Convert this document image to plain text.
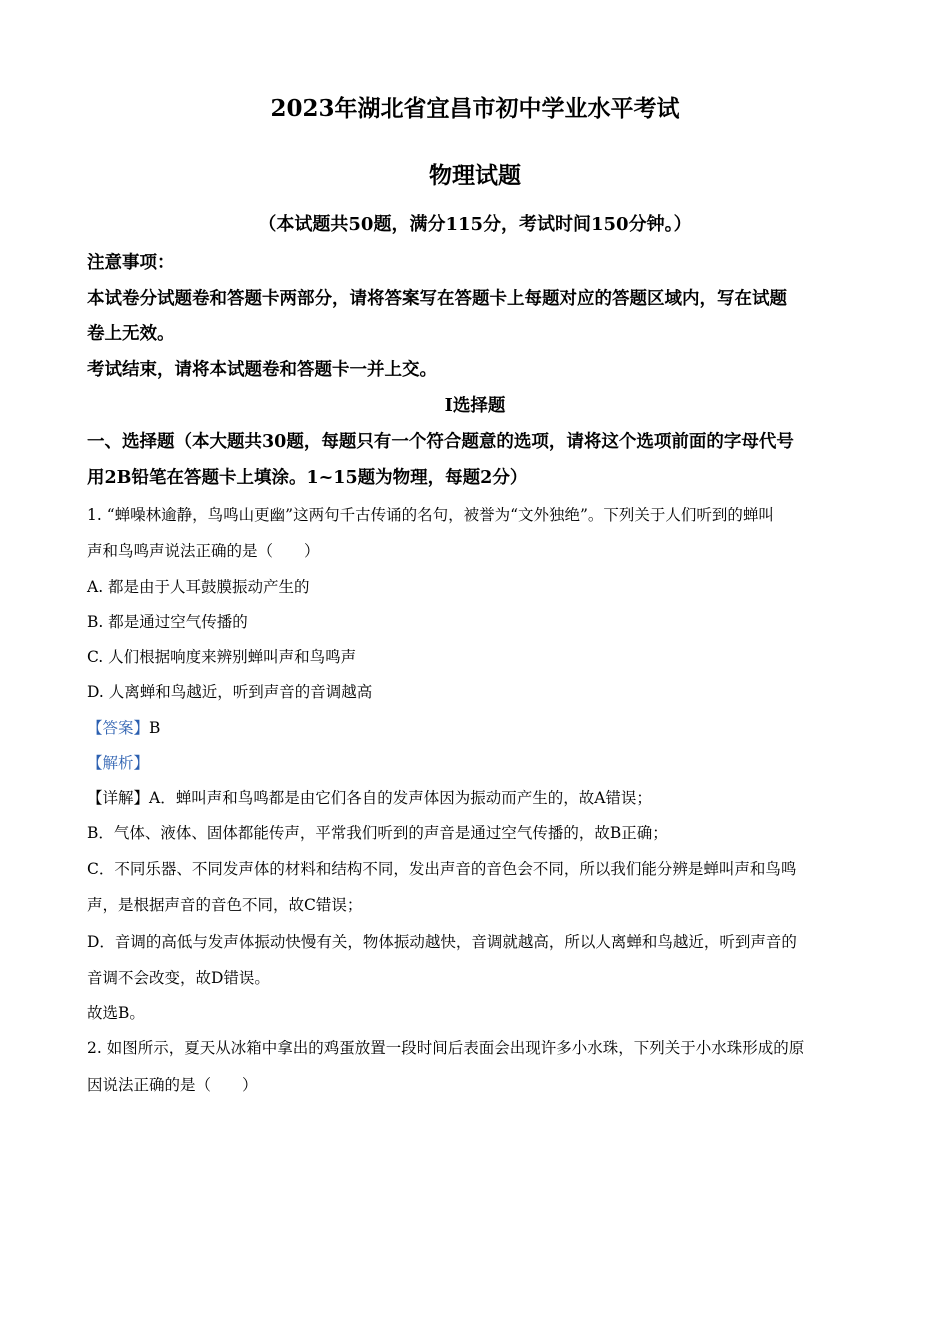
2023年湖北省宜昌市初中学业水平考试
物理试题
（本试题共50题，满分115分，考试时间150分钟。）
注意事项：
本试卷分试题卷和答题卡两部分，请将答案写在答题卡上每题对应的答题区域内，写在试题
卷上无效。
考试结束，请将本试题卷和答题卡一并上交。
I选择题
一、选择题（本大题共30题，每题只有一个符合题意的选项，请将这个选项前面的字母代号
用2B铅笔在答题卡上填涂。1~15题为物理，每题2分）
1. “蝉噪林逾静，鸟鸣山更幽”这两句千古传诵的名句，被誉为“文外独绝”。下列关于人们听到的蝉叫
声和鸟鸣声说法正确的是（　　）
A. 都是由于人耳鼓膜振动产生的
B. 都是通过空气传播的
C. 人们根据响度来辨别蝉叫声和鸟鸣声
D. 人离蝉和鸟越近，听到声音的音调越高
【答案】B
【解析】
【详解】A．蝉叫声和鸟鸣都是由它们各自的发声体因为振动而产生的，故A错误；
B．气体、液体、固体都能传声，平常我们听到的声音是通过空气传播的，故B正确；
C．不同乐器、不同发声体的材料和结构不同，发出声音的音色会不同，所以我们能分辨是蝉叫声和鸟鸣
声，是根据声音的音色不同，故C错误；
D．音调的高低与发声体振动快慢有关，物体振动越快，音调就越高，所以人离蝉和鸟越近，听到声音的
音调不会改变，故D错误。
故选B。
2. 如图所示，夏天从冰箱中拿出的鸡蛋放置一段时间后表面会出现许多小水珠，下列关于小水珠形成的原
因说法正确的是（　　）
